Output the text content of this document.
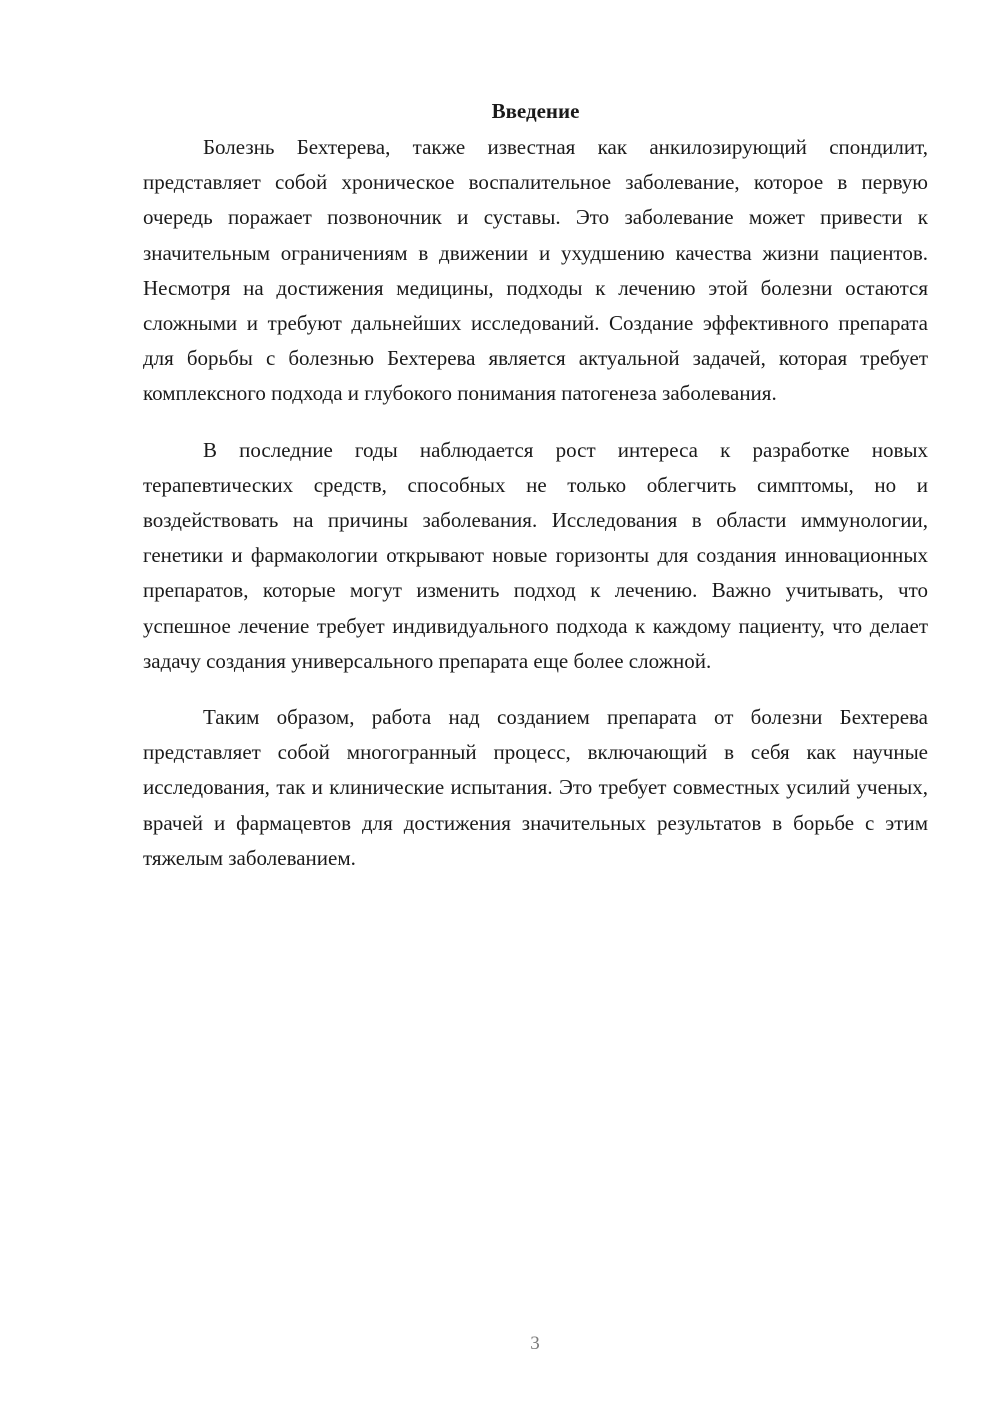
Введение

Болезнь Бехтерева, также известная как анкилозирующий спондилит, представляет собой хроническое воспалительное заболевание, которое в первую очередь поражает позвоночник и суставы. Это заболевание может привести к значительным ограничениям в движении и ухудшению качества жизни пациентов. Несмотря на достижения медицины, подходы к лечению этой болезни остаются сложными и требуют дальнейших исследований. Создание эффективного препарата для борьбы с болезнью Бехтерева является актуальной задачей, которая требует комплексного подхода и глубокого понимания патогенеза заболевания.

В последние годы наблюдается рост интереса к разработке новых терапевтических средств, способных не только облегчить симптомы, но и воздействовать на причины заболевания. Исследования в области иммунологии, генетики и фармакологии открывают новые горизонты для создания инновационных препаратов, которые могут изменить подход к лечению. Важно учитывать, что успешное лечение требует индивидуального подхода к каждому пациенту, что делает задачу создания универсального препарата еще более сложной.

Таким образом, работа над созданием препарата от болезни Бехтерева представляет собой многогранный процесс, включающий в себя как научные исследования, так и клинические испытания. Это требует совместных усилий ученых, врачей и фармацевтов для достижения значительных результатов в борьбе с этим тяжелым заболеванием.

3
